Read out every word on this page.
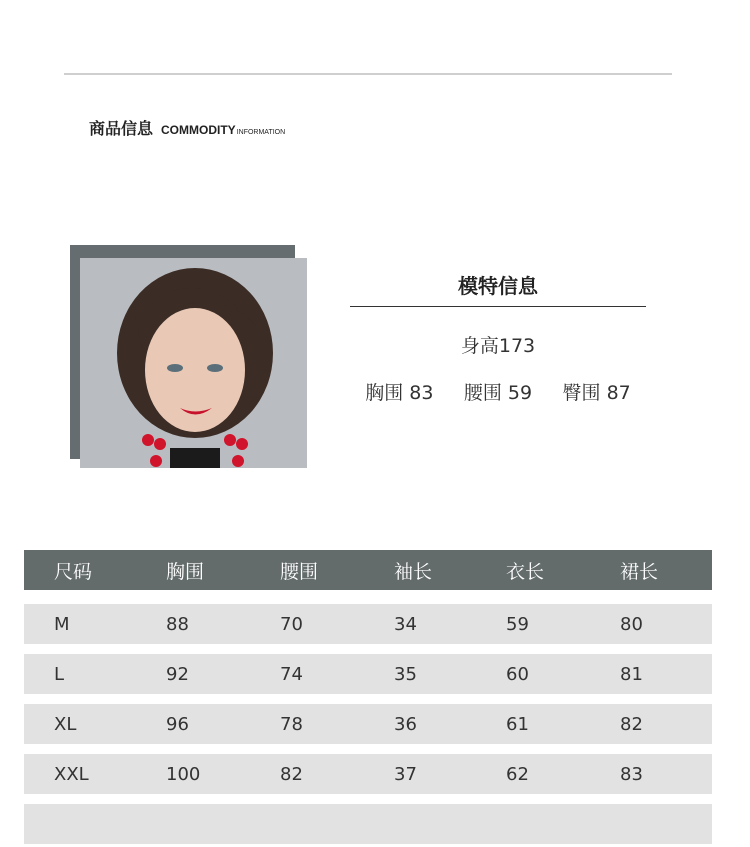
商品信息 COMMODITY INFORMATION
模特信息
身高173
胸围 83 腰围 59 臀围 87
尺码	胸围	腰围	袖长	衣长	裙长
M	88	70	34	59	80
L	92	74	35	60	81
XL	96	78	36	61	82
XXL	100	82	37	62	83
